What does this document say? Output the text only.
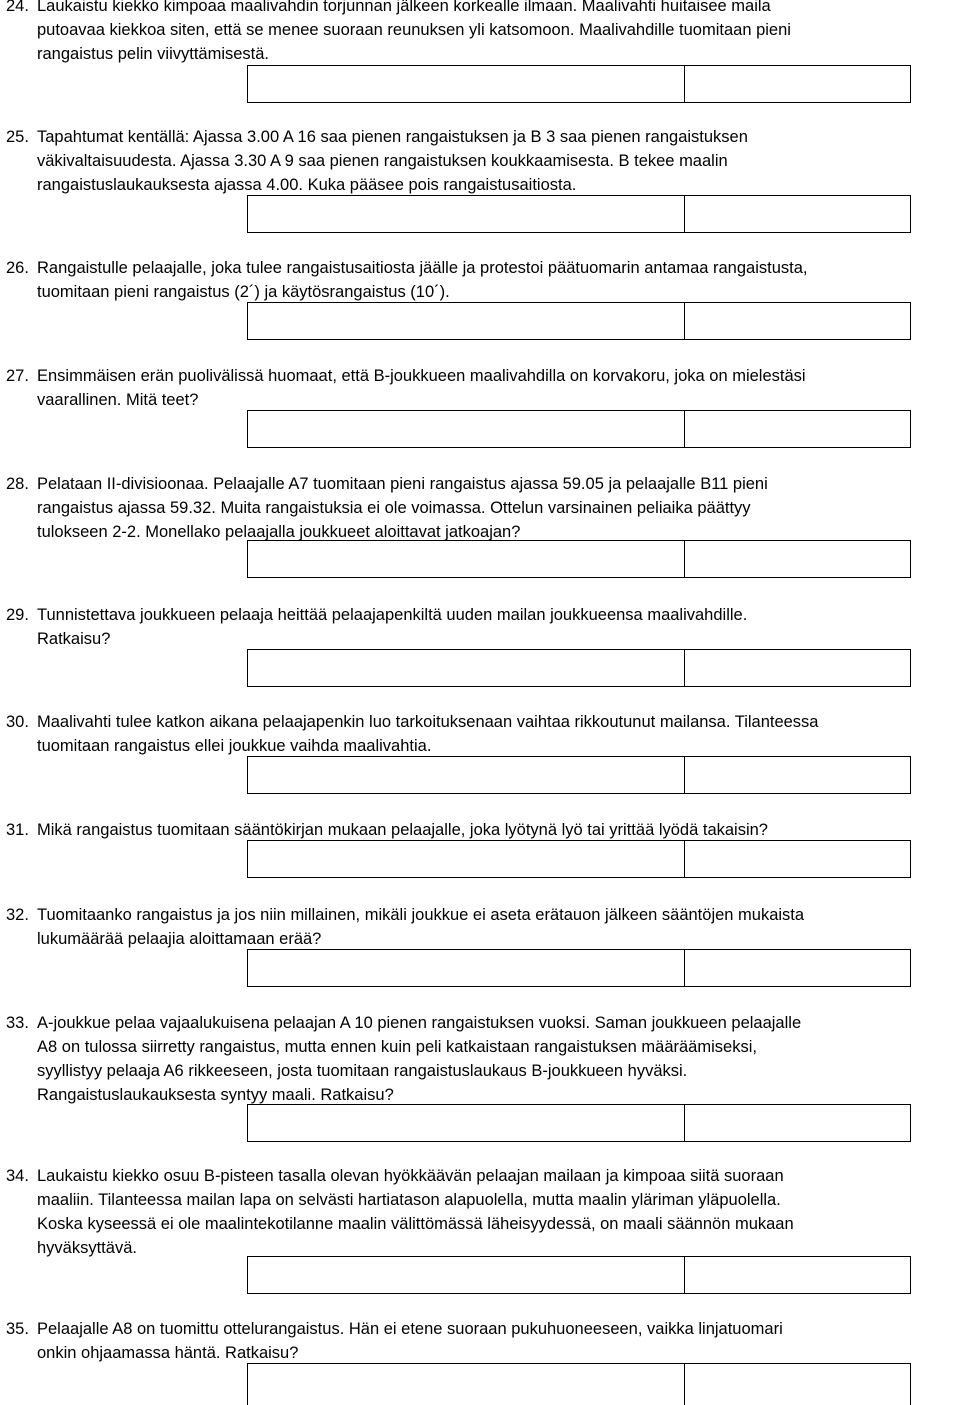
24. Laukaistu kiekko kimpoaa maalivahdin torjunnan jälkeen korkealle ilmaan. Maalivahti huitaisee maila
putoavaa kiekkoa siten, että se menee suoraan reunuksen yli katsomoon. Maalivahdille tuomitaan pieni
rangaistus pelin viivyttämisestä.
25. Tapahtumat kentällä: Ajassa 3.00 A 16 saa pienen rangaistuksen ja B 3 saa pienen rangaistuksen
väkivaltaisuudesta. Ajassa 3.30 A 9 saa pienen rangaistuksen koukkaamisesta. B tekee maalin
rangaistuslaukauksesta ajassa 4.00. Kuka pääsee pois rangaistusaitiosta.
26. Rangaistulle pelaajalle, joka tulee rangaistusaitiosta jäälle ja protestoi päätuomarin antamaa rangaistusta,
tuomitaan pieni rangaistus (2´) ja käytösrangaistus (10´).
27. Ensimmäisen erän puolivälissä huomaat, että B-joukkueen maalivahdilla on korvakoru, joka on mielestäsi
vaarallinen. Mitä teet?
28. Pelataan II-divisioonaa. Pelaajalle A7 tuomitaan pieni rangaistus ajassa 59.05 ja pelaajalle B11 pieni
rangaistus ajassa 59.32. Muita rangaistuksia ei ole voimassa. Ottelun varsinainen peliaika päättyy
tulokseen 2-2. Monellako pelaajalla joukkueet aloittavat jatkoajan?
29. Tunnistettava joukkueen pelaaja heittää pelaajapenkiltä uuden mailan joukkueensa maalivahdille.
Ratkaisu?
30. Maalivahti tulee katkon aikana pelaajapenkin luo tarkoituksenaan vaihtaa rikkoutunut mailansa. Tilanteessa
tuomitaan rangaistus ellei joukkue vaihda maalivahtia.
31. Mikä rangaistus tuomitaan sääntökirjan mukaan pelaajalle, joka lyötynä lyö tai yrittää lyödä takaisin?
32. Tuomitaanko rangaistus ja jos niin millainen, mikäli joukkue ei aseta erätauon jälkeen sääntöjen mukaista
lukumäärää pelaajia aloittamaan erää?
33. A-joukkue pelaa vajaalukuisena pelaajan A 10 pienen rangaistuksen vuoksi. Saman joukkueen pelaajalle
A8 on tulossa siirretty rangaistus, mutta ennen kuin peli katkaistaan rangaistuksen määräämiseksi,
syyllistyy pelaaja A6 rikkeeseen, josta tuomitaan rangaistuslaukaus B-joukkueen hyväksi.
Rangaistuslaukauksesta syntyy maali. Ratkaisu?
34. Laukaistu kiekko osuu B-pisteen tasalla olevan hyökkäävän pelaajan mailaan ja kimpoaa siitä suoraan
maaliin. Tilanteessa mailan lapa on selvästi hartiatason alapuolella, mutta maalin yläriman yläpuolella.
Koska kyseessä ei ole maalintekotilanne maalin välittömässä läheisyydessä, on maali säännön mukaan
hyväksyttävä.
35. Pelaajalle A8 on tuomittu ottelurangaistus. Hän ei etene suoraan pukuhuoneeseen, vaikka linjatuomari
onkin ohjaamassa häntä. Ratkaisu?
